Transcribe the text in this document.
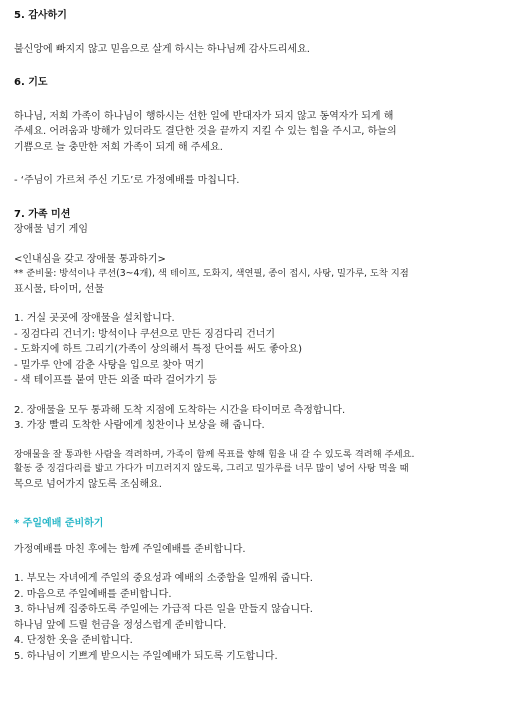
5. 감사하기

불신앙에 빠지지 않고 믿음으로 살게 하시는 하나님께 감사드리세요.

6. 기도

하나님, 저희 가족이 하나님이 행하시는 선한 일에 반대자가 되지 않고 동역자가 되게 해

주세요. 어려움과 방해가 있더라도 결단한 것을 끝까지 지킬 수 있는 힘을 주시고, 하늘의

기쁨으로 늘 충만한 저희 가족이 되게 해 주세요.

- ‘주님이 가르쳐 주신 기도’로 가정예배를 마칩니다.

7. 가족 미션

장애물 넘기 게임

<인내심을 갖고 장애물 통과하기>

** 준비물: 방석이나 쿠션(3~4개), 색 테이프, 도화지, 색연필, 종이 접시, 사탕, 밀가루, 도착 지점

표시물, 타이머, 선물

1. 거실 곳곳에 장애물을 설치합니다.

- 징검다리 건너기: 방석이나 쿠션으로 만든 징검다리 건너기

- 도화지에 하트 그리기(가족이 상의해서 특정 단어를 써도 좋아요)

- 밀가루 안에 감춘 사탕을 입으로 찾아 먹기

- 색 테이프를 붙여 만든 외줄 따라 걸어가기 등

2. 장애물을 모두 통과해 도착 지점에 도착하는 시간을 타이머로 측정합니다.

3. 가장 빨리 도착한 사람에게 칭찬이나 보상을 해 줍니다.

장애물을 잘 통과한 사람을 격려하며, 가족이 함께 목표를 향해 힘을 내 갈 수 있도록 격려해 주세요.

활동 중 징검다리를 밟고 가다가 미끄러지지 않도록, 그리고 밀가루를 너무 많이 넣어 사탕 먹을 때

목으로 넘어가지 않도록 조심해요.

* 주일예배 준비하기

가정예배를 마친 후에는 함께 주일예배를 준비합니다.

1. 부모는 자녀에게 주일의 중요성과 예배의 소중함을 일깨워 줍니다.

2. 마음으로 주일예배를 준비합니다.

3. 하나님께 집중하도록 주일에는 가급적 다른 일을 만들지 않습니다.

하나님 앞에 드릴 헌금을 정성스럽게 준비합니다.

4. 단정한 옷을 준비합니다.

5. 하나님이 기쁘게 받으시는 주일예배가 되도록 기도합니다.
